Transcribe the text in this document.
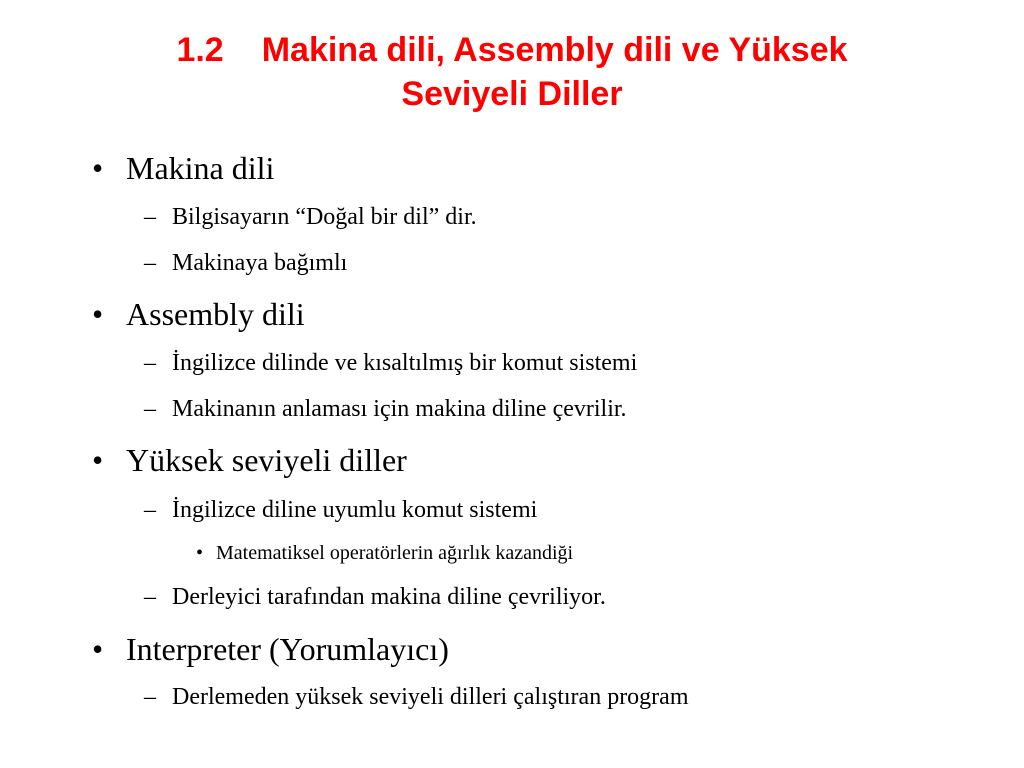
1.2 Makina dili, Assembly dili ve Yüksek
Seviyeli Diller
• Makina dili
– Bilgisayarın “Doğal bir dil” dir.
– Makinaya bağımlı
• Assembly dili
– İngilizce dilinde ve kısaltılmış bir komut sistemi
– Makinanın anlaması için makina diline çevrilir.
• Yüksek seviyeli diller
– İngilizce diline uyumlu komut sistemi
• Matematiksel operatörlerin ağırlık kazandiği
– Derleyici tarafından makina diline çevriliyor.
• Interpreter (Yorumlayıcı)
– Derlemeden yüksek seviyeli dilleri çalıştıran program
